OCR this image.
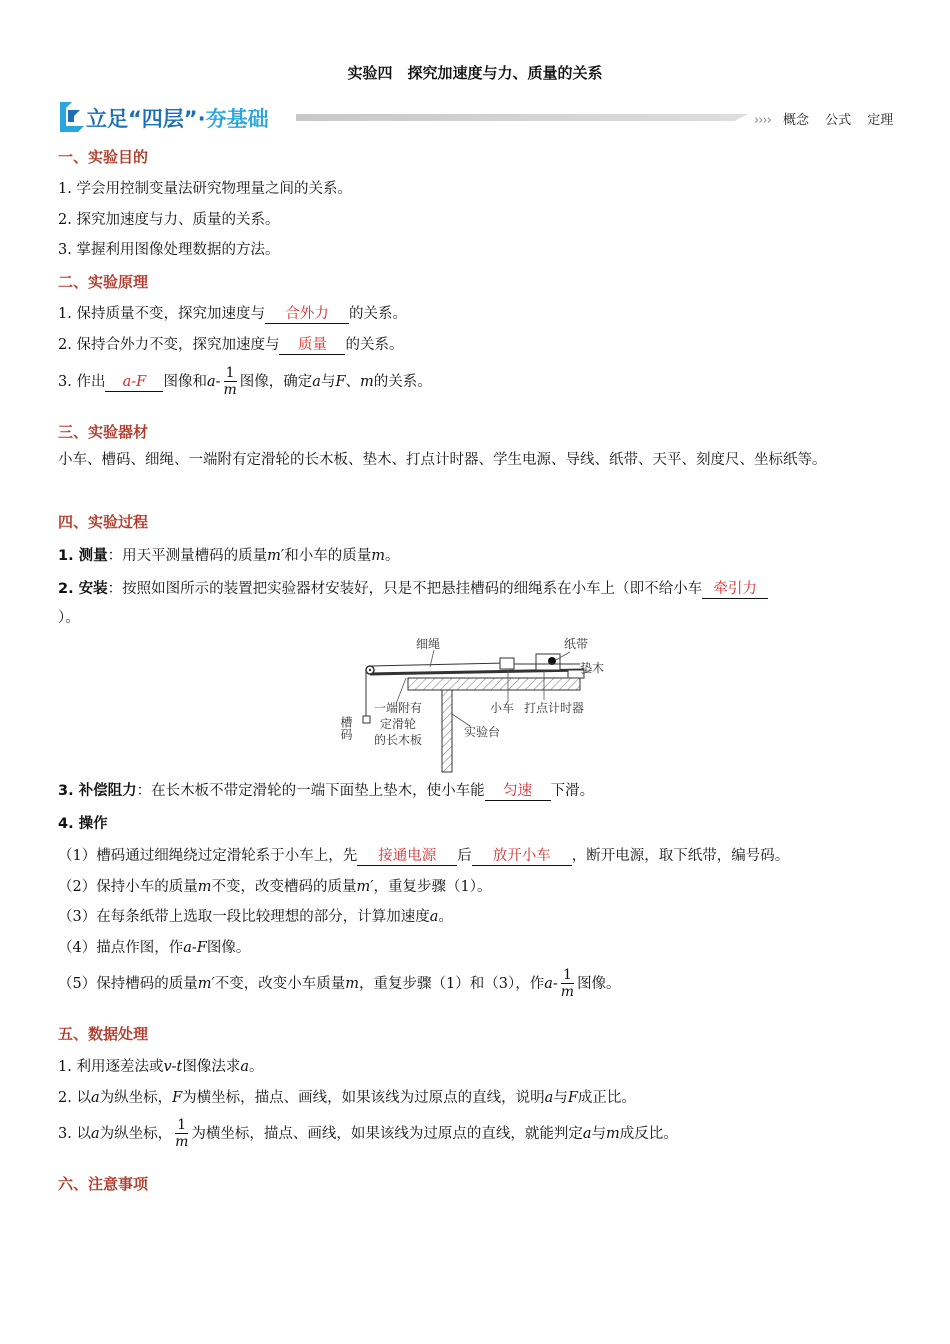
实验四　探究加速度与力、质量的关系
立足“四层”·夯基础	›››› 概念 公式 定理
一、实验目的
1. 学会用控制变量法研究物理量之间的关系。
2. 探究加速度与力、质量的关系。
3. 掌握利用图像处理数据的方法。
二、实验原理
1. 保持质量不变，探究加速度与 合外力 的关系。
2. 保持合外力不变，探究加速度与 质量 的关系。
3. 作出 a-F 图像和$a- \frac{1}{m}$ 图像，确定a与F、m的关系。
三、实验器材
小车、槽码、细绳、一端附有定滑轮的长木板、垫木、打点计时器、学生电源、导线、纸带、天平、刻度尺、坐标纸等。
四、实验过程
1. 测量：用天平测量槽码的质量m′和小车的质量m。
2. 安装：按照如图所示的装置把实验器材安装好，只是不把悬挂槽码的细绳系在小车上（即不给小车 牵引力
）。
细绳	纸带
垫木
槽码
一端附有
定滑轮
的长木板
小车 打点计时器
实验台
3. 补偿阻力：在长木板不带定滑轮的一端下面垫上垫木，使小车能 匀速 下滑。
4. 操作
（1）槽码通过细绳绕过定滑轮系于小车上，先 接通电源 后 放开小车 ，断开电源，取下纸带，编号码。
（2）保持小车的质量m不变，改变槽码的质量m′，重复步骤（1）。
（3）在每条纸带上选取一段比较理想的部分，计算加速度a。
（4）描点作图，作a-F图像。
（5）保持槽码的质量m′不变，改变小车质量m，重复步骤（1）和（3），作$a- \frac{1}{m}$ 图像。
五、数据处理
1. 利用逐差法或v-t图像法求a。
2. 以a为纵坐标，F为横坐标，描点、画线，如果该线为过原点的直线，说明a与F成正比。
3. 以a为纵坐标， $\frac{1}{m}$ 为横坐标，描点、画线，如果该线为过原点的直线，就能判定a与m成反比。
六、注意事项
